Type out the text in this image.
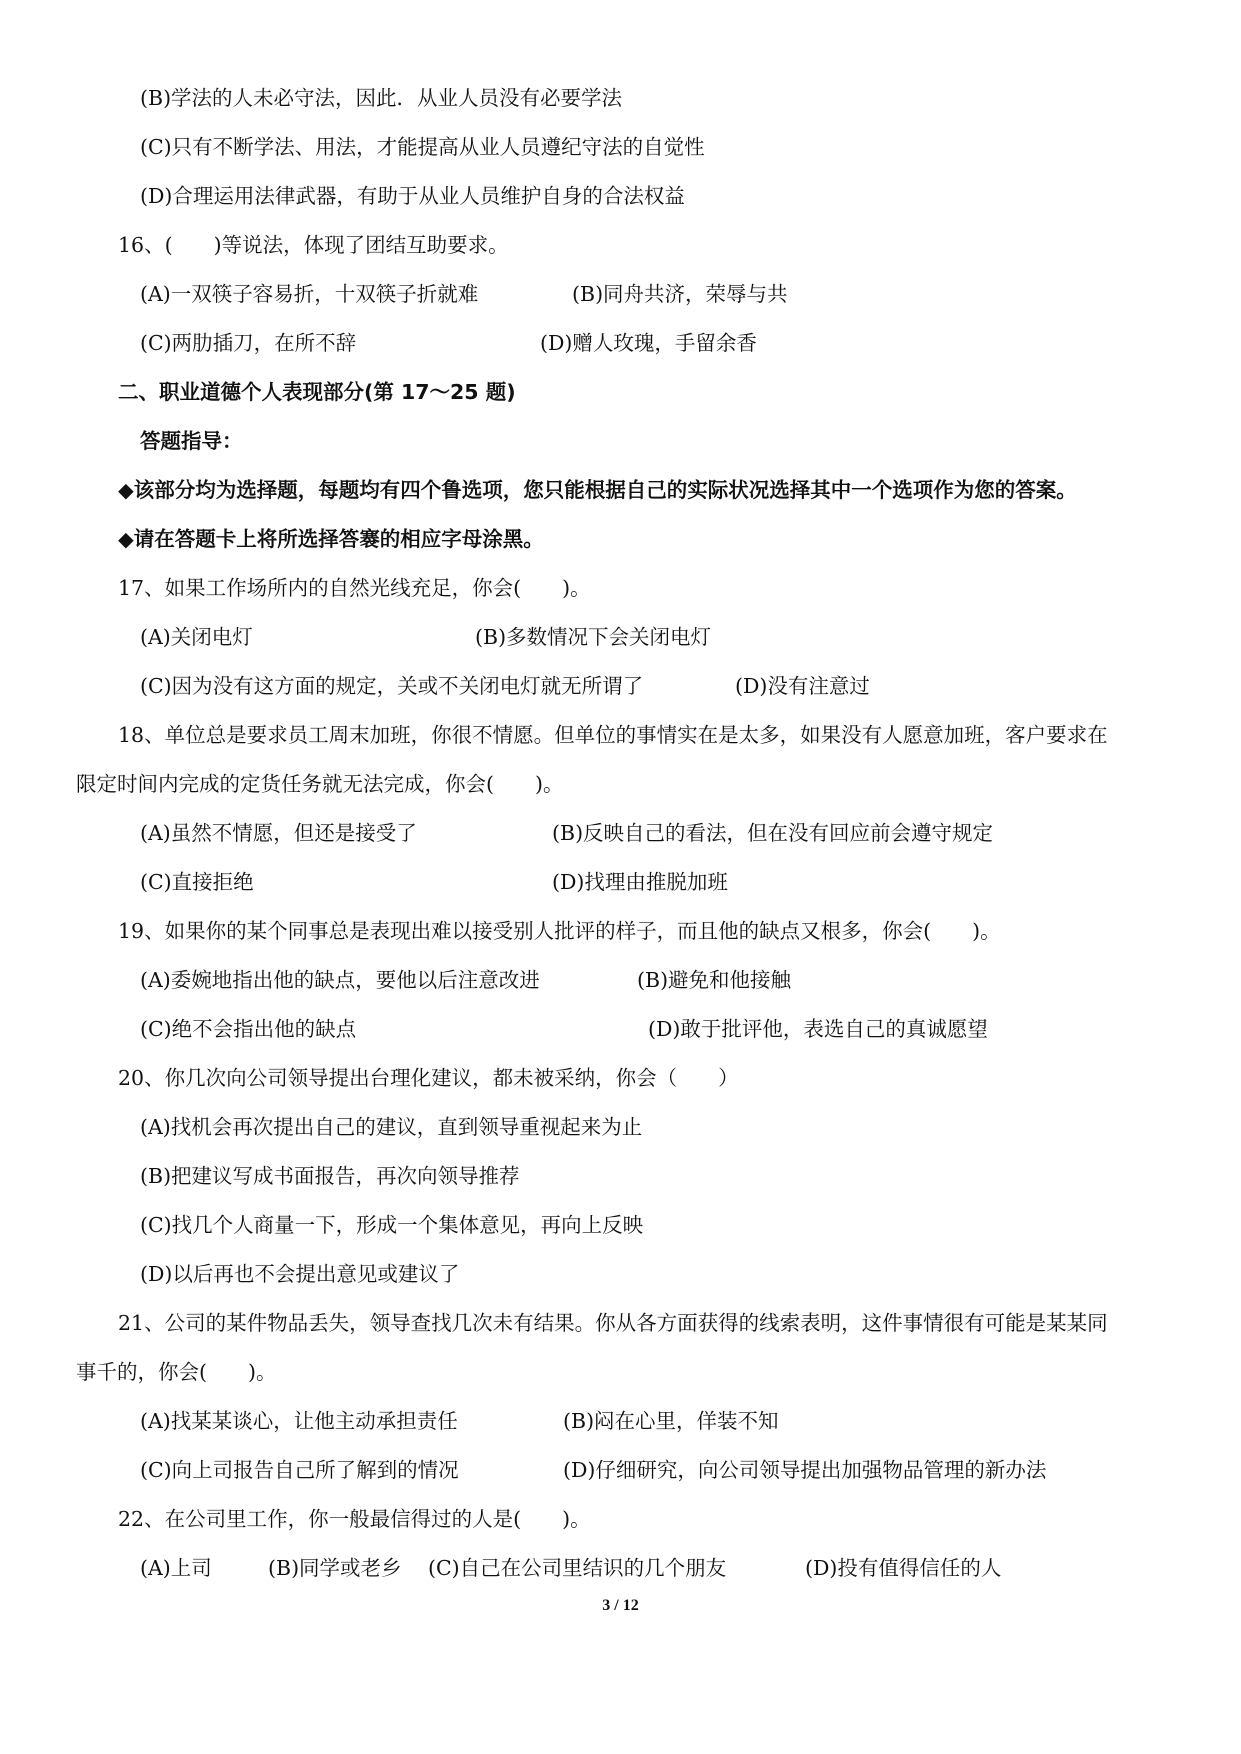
(B)学法的人未必守法，因此．从业人员没有必要学法
(C)只有不断学法、用法，才能提高从业人员遵纪守法的自觉性
(D)合理运用法律武器，有助于从业人员维护自身的合法权益
16、(　　)等说法，体现了团结互助要求。
(A)一双筷子容易折，十双筷子折就难	(B)同舟共济，荣辱与共
(C)两肋插刀，在所不辞	(D)赠人玫瑰，手留余香
二、职业道德个人表现部分(第 17～25 题)
答题指导：
◆该部分均为选择题，每题均有四个鲁选项，您只能根据自己的实际状况选择其中一个选项作为您的答案。
◆请在答题卡上将所选择答褰的相应字母涂黑。
17、如果工作场所内的自然光线充足，你会(　　)。
(A)关闭电灯	(B)多数情况下会关闭电灯
(C)因为没有这方面的规定，关或不关闭电灯就无所谓了	(D)没有注意过
18、单位总是要求员工周末加班，你很不情愿。但单位的事情实在是太多，如果没有人愿意加班，客户要求在
限定时间内完成的定货任务就无法完成，你会(　　)。
(A)虽然不情愿，但还是接受了	(B)反映自己的看法，但在没有回应前会遵守规定
(C)直接拒绝	(D)找理由推脱加班
19、如果你的某个同事总是表现出难以接受别人批评的样子，而且他的缺点又根多，你会(　　)。
(A)委婉地指出他的缺点，要他以后注意改进	(B)避免和他接触
(C)绝不会指出他的缺点	(D)敢于批评他，表选自己的真诚愿望
20、你几次向公司领导提出台理化建议，都未被采纳，你会（　　）
(A)找机会再次提出自己的建议，直到领导重视起来为止
(B)把建议写成书面报告，再次向领导推荐
(C)找几个人商量一下，形成一个集体意见，再向上反映
(D)以后再也不会提出意见或建议了
21、公司的某件物品丢失，领导查找几次未有结果。你从各方面获得的线索表明，这件事情很有可能是某某同
事千的，你会(　　)。
(A)找某某谈心，让他主动承担责任	(B)闷在心里，佯装不知
(C)向上司报告自己所了解到的情况	(D)仔细研究，向公司领导提出加强物品管理的新办法
22、在公司里工作，你一般最信得过的人是(　　)。
(A)上司	(B)同学或老乡 (C)自己在公司里结识的几个朋友	(D)投有值得信任的人
3 / 12
